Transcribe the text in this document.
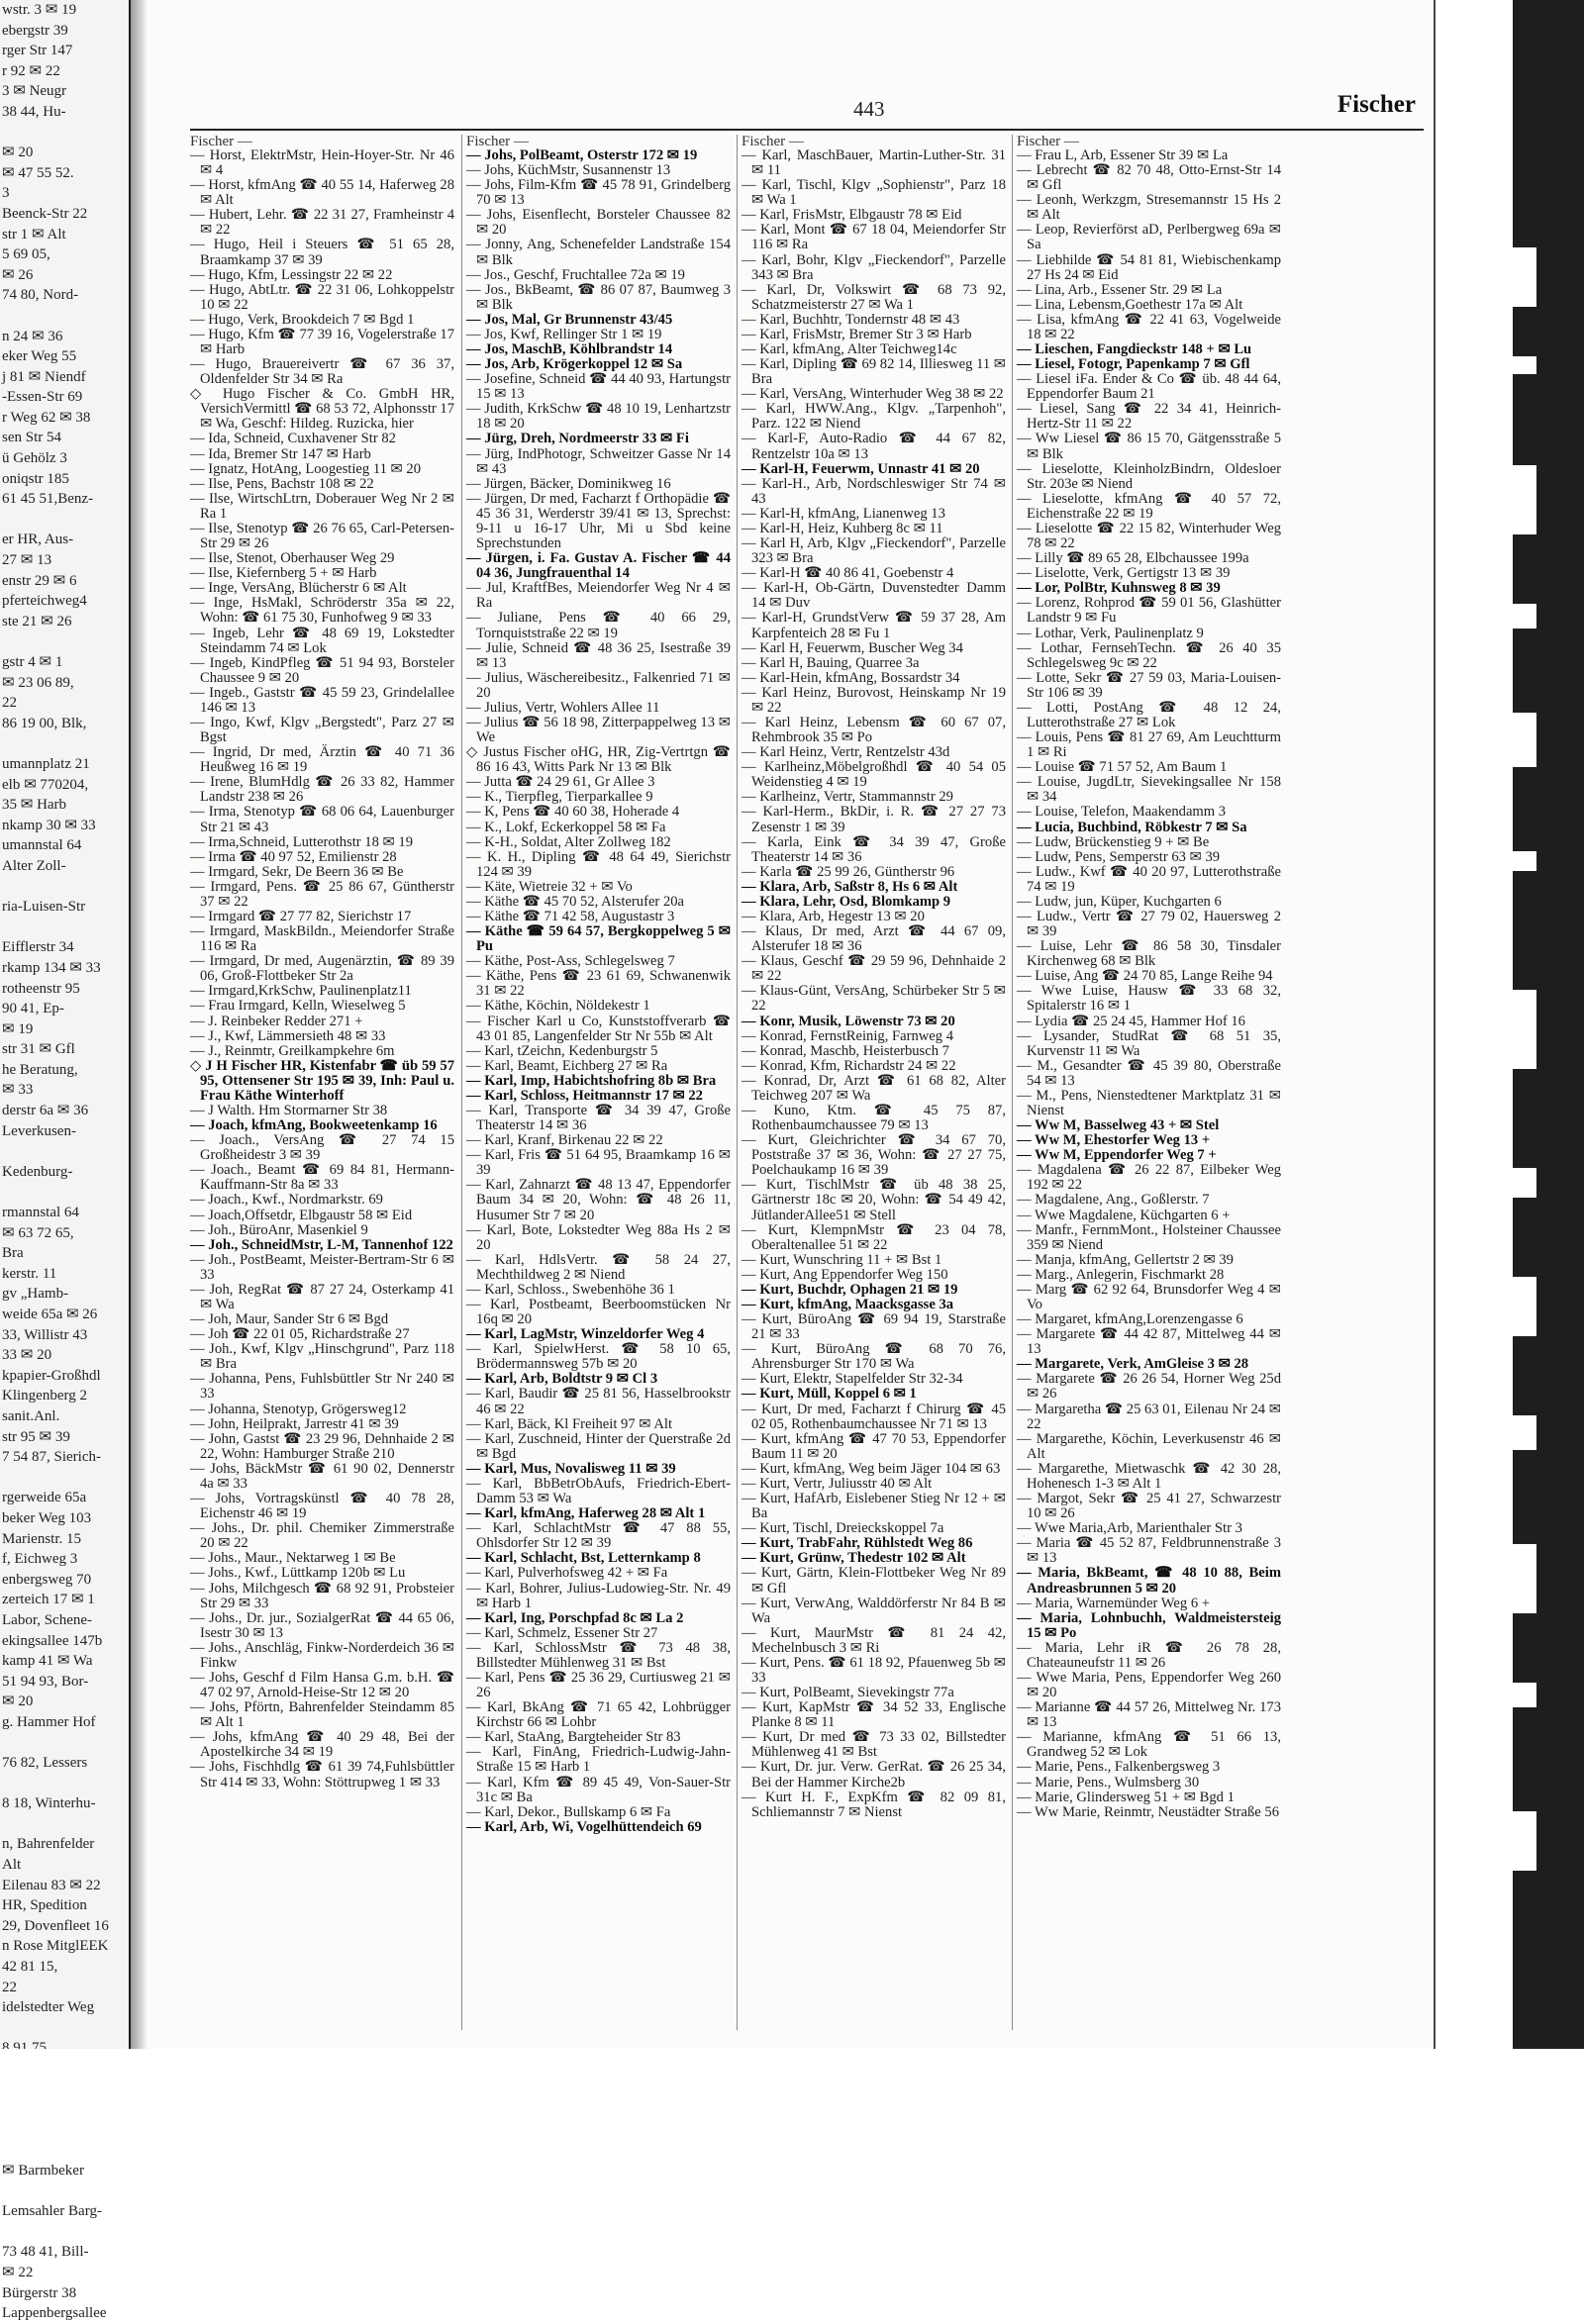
wstr. 3 ✉ 19
ebergstr 39
rger Str 147
r 92 ✉ 22
3 ✉ Neugr
38 44, Hu-

✉ 20
✉ 47 55 52.
3
Beenck-Str 22
str 1 ✉ Alt
5 69 05,
✉ 26
74 80, Nord-

n 24 ✉ 36
eker Weg 55
j 81 ✉ Niendf
-Essen-Str 69
r Weg 62 ✉ 38
sen Str 54
ü Gehölz 3
oniqstr 185
61 45 51,Benz-

er HR, Aus-
27 ✉ 13
enstr 29 ✉ 6
pferteichweg4
ste 21 ✉ 26

gstr 4 ✉ 1
✉ 23 06 89,
22
86 19 00, Blk,

umannplatz 21
elb ✉ 770204,
35 ✉ Harb
nkamp 30 ✉ 33
umannstal 64
Alter Zoll-

ria-Luisen-Str

Eifflerstr 34
rkamp 134 ✉ 33
rotheenstr 95
90 41, Ep-
✉ 19
str 31 ✉ Gfl
he Beratung,
✉ 33
derstr 6a ✉ 36
Leverkusen-

Kedenburg-

rmannstal 64
✉ 63 72 65,
Bra
kerstr. 11
gv „Hamb-
weide 65a ✉ 26
33, Willistr 43
33 ✉ 20
kpapier-Großhdl
Klingenberg 2
sanit.Anl.
str 95 ✉ 39
7 54 87, Sierich-

rgerweide 65a
beker Weg 103
Marienstr. 15
f, Eichweg 3
enbergsweg 70
zerteich 17 ✉ 1
Labor, Schene-
ekingsallee 147b
kamp 41 ✉ Wa
51 94 93, Bor-
✉ 20
g. Hammer Hof

76 82, Lessers

8 18, Winterhu-

n, Bahrenfelder
Alt
Eilenau 83 ✉ 22
HR, Spedition
29, Dovenfleet 16
n Rose MitglEEK
42 81 15,
22
idelstedter Weg

✉ Barmbeker

Lemsahler Barg-

73 48 41, Bill-
✉ 22
Bürgerstr 38
Lappenbergsallee
443	Fischer
Fischer —
— Horst, ElektrMstr, Hein-Hoyer-Str. Nr 46 ✉ 4
— Horst, kfmAng ☎ 40 55 14, Haferweg 28 ✉ Alt
— Hubert, Lehr. ☎ 22 31 27, Framheinstr 4 ✉ 22
— Hugo, Heil i Steuers ☎ 51 65 28, Braamkamp 37 ✉ 39
— Hugo, Kfm, Lessingstr 22 ✉ 22
— Hugo, AbtLtr. ☎ 22 31 06, Lohkoppelstr 10 ✉ 22
— Hugo, Verk, Brookdeich 7 ✉ Bgd 1
— Hugo, Kfm ☎ 77 39 16, Vogelerstraße 17 ✉ Harb
— Hugo, Brauereivertr ☎ 67 36 37, Oldenfelder Str 34 ✉ Ra
◇ Hugo Fischer & Co. GmbH HR, VersichVermittl ☎ 68 53 72, Alphonsstr 17 ✉ Wa, Geschf: Hildeg. Ruzicka, hier
— Ida, Schneid, Cuxhavener Str 82
— Ida, Bremer Str 147 ✉ Harb
— Ignatz, HotAng, Loogestieg 11 ✉ 20
— Ilse, Pens, Bachstr 108 ✉ 22
— Ilse, WirtschLtrn, Doberauer Weg Nr 2 ✉ Ra 1
— Ilse, Stenotyp ☎ 26 76 65, Carl-Petersen-Str 29 ✉ 26
— Ilse, Stenot, Oberhauser Weg 29
— Ilse, Kiefernberg 5 + ✉ Harb
— Inge, VersAng, Blücherstr 6 ✉ Alt
— Inge, HsMakl, Schröderstr 35a ✉ 22, Wohn: ☎ 61 75 30, Funhofweg 9 ✉ 33
— Ingeb, Lehr ☎ 48 69 19, Lokstedter Steindamm 74 ✉ Lok
— Ingeb, KindPfleg ☎ 51 94 93, Borsteler Chaussee 9 ✉ 20
— Ingeb., Gaststr ☎ 45 59 23, Grindelallee 146 ✉ 13
— Ingo, Kwf, Klgv „Bergstedt", Parz 27 ✉ Bgst
— Ingrid, Dr med, Ärztin ☎ 40 71 36 Heußweg 16 ✉ 19
— Irene, BlumHdlg ☎ 26 33 82, Hammer Landstr 238 ✉ 26
— Irma, Stenotyp ☎ 68 06 64, Lauenburger Str 21 ✉ 43
— Irma,Schneid, Lutterothstr 18 ✉ 19
— Irma ☎ 40 97 52, Emilienstr 28
— Irmgard, Sekr, De Beern 36 ✉ Be
— Irmgard, Pens. ☎ 25 86 67, Güntherstr 37 ✉ 22
— Irmgard ☎ 27 77 82, Sierichstr 17
— Irmgard, MaskBildn., Meiendorfer Straße 116 ✉ Ra
— Irmgard, Dr med, Augenärztin, ☎ 89 39 06, Groß-Flottbeker Str 2a
— Irmgard,KrkSchw, Paulinenplatz11
— Frau Irmgard, Kelln, Wieselweg 5
— J. Reinbeker Redder 271 +
— J., Kwf, Lämmersieth 48 ✉ 33
— J., Reinmtr, Greilkampkehre 6m
◇ J H Fischer HR, Kistenfabr ☎ üb 59 57 95, Ottensener Str 195 ✉ 39, Inh: Paul u. Frau Käthe Winterhoff
— J Walth. Hm Stormarner Str 38
— Joach, kfmAng, Bookweetenkamp 16
— Joach., VersAng ☎ 27 74 15 Großheidestr 3 ✉ 39
— Joach., Beamt ☎ 69 84 81, Hermann-Kauffmann-Str 8a ✉ 33
— Joach., Kwf., Nordmarkstr. 69
— Joach,Offsetdr, Elbgaustr 58 ✉ Eid
— Joh., BüroAnr, Masenkiel 9
— Joh., SchneidMstr, L-M, Tannenhof 122
— Joh., PostBeamt, Meister-Bertram-Str 6 ✉ 33
— Joh, RegRat ☎ 87 27 24, Osterkamp 41 ✉ Wa
— Joh, Maur, Sander Str 6 ✉ Bgd
— Joh ☎ 22 01 05, Richardstraße 27
— Joh., Kwf, Klgv „Hinschgrund", Parz 118 ✉ Bra
— Johanna, Pens, Fuhlsbüttler Str Nr 240 ✉ 33
— Johanna, Stenotyp, Grögersweg12
— John, Heilprakt, Jarrestr 41 ✉ 39
— John, Gastst ☎ 23 29 96, Dehnhaide 2 ✉ 22, Wohn: Hamburger Straße 210
— Johs, BäckMstr ☎ 61 90 02, Dennerstr 4a ✉ 33
— Johs, Vortragskünstl ☎ 40 78 28, Eichenstr 46 ✉ 19
— Johs., Dr. phil. Chemiker Zimmerstraße 20 ✉ 22
— Johs., Maur., Nektarweg 1 ✉ Be
— Johs., Kwf., Lüttkamp 120b ✉ Lu
— Johs, Milchgesch ☎ 68 92 91, Probsteier Str 29 ✉ 33
— Johs., Dr. jur., SozialgerRat ☎ 44 65 06, Isestr 30 ✉ 13
— Johs., Anschläg, Finkw-Norderdeich 36 ✉ Finkw
— Johs, Geschf d Film Hansa G.m. b.H. ☎ 47 02 97, Arnold-Heise-Str 12 ✉ 20
— Johs, Pförtn, Bahrenfelder Steindamm 85 ✉ Alt 1
— Johs, kfmAng ☎ 40 29 48, Bei der Apostelkirche 34 ✉ 19
— Johs, Fischhdlg ☎ 61 39 74,Fuhlsbüttler Str 414 ✉ 33, Wohn: Stöttrupweg 1 ✉ 33
Fischer —
— Johs, PolBeamt, Osterstr 172 ✉ 19
— Johs, KüchMstr, Susannenstr 13
— Johs, Film-Kfm ☎ 45 78 91, Grindelberg 70 ✉ 13
— Johs, Eisenflecht, Borsteler Chaussee 82 ✉ 20
— Jonny, Ang, Schenefelder Landstraße 154 ✉ Blk
— Jos., Geschf, Fruchtallee 72a ✉ 19
— Jos., BkBeamt, ☎ 86 07 87, Baumweg 3 ✉ Blk
— Jos, Mal, Gr Brunnenstr 43/45
— Jos, Kwf, Rellinger Str 1 ✉ 19
— Jos, MaschB, Köhlbrandstr 14
— Jos, Arb, Krögerkoppel 12 ✉ Sa
— Josefine, Schneid ☎ 44 40 93, Hartungstr 15 ✉ 13
— Judith, KrkSchw ☎ 48 10 19, Lenhartzstr 18 ✉ 20
— Jürg, Dreh, Nordmeerstr 33 ✉ Fi
— Jürg, IndPhotogr, Schweitzer Gasse Nr 14 ✉ 43
— Jürgen, Bäcker, Dominikweg 16
— Jürgen, Dr med, Facharzt f Orthopädie ☎ 45 36 31, Werderstr 39/41 ✉ 13, Sprechst: 9-11 u 16-17 Uhr, Mi u Sbd keine Sprechstunden
— Jürgen, i. Fa. Gustav A. Fischer ☎ 44 04 36, Jungfrauenthal 14
— Jul, KraftfBes, Meiendorfer Weg Nr 4 ✉ Ra
— Juliane, Pens ☎ 40 66 29, Tornquiststraße 22 ✉ 19
— Julie, Schneid ☎ 48 36 25, Isestraße 39 ✉ 13
— Julius, Wäschereibesitz., Falkenried 71 ✉ 20
— Julius, Vertr, Wohlers Allee 11
— Julius ☎ 56 18 98, Zitterpappelweg 13 ✉ We
◇ Justus Fischer oHG, HR, Zig-Vertrtgn ☎ 86 16 43, Witts Park Nr 13 ✉ Blk
— Jutta ☎ 24 29 61, Gr Allee 3
— K., Tierpfleg, Tierparkallee 9
— K, Pens ☎ 40 60 38, Hoherade 4
— K., Lokf, Eckerkoppel 58 ✉ Fa
— K-H., Soldat, Alter Zollweg 182
— K. H., Dipling ☎ 48 64 49, Sierichstr 124 ✉ 39
— Käte, Wietreie 32 + ✉ Vo
— Käthe ☎ 45 70 52, Alsterufer 20a
— Käthe ☎ 71 42 58, Augustastr 3
— Käthe ☎ 59 64 57, Bergkoppelweg 5 ✉ Pu
— Käthe, Post-Ass, Schlegelsweg 7
— Käthe, Pens ☎ 23 61 69, Schwanenwik 31 ✉ 22
— Käthe, Köchin, Nöldekestr 1
— Fischer Karl u Co, Kunststoffverarb ☎ 43 01 85, Langenfelder Str Nr 55b ✉ Alt
— Karl, tZeichn, Kedenburgstr 5
— Karl, Beamt, Eichberg 27 ✉ Ra
— Karl, Imp, Habichtshofring 8b ✉ Bra
— Karl, Schloss, Heitmannstr 17 ✉ 22
— Karl, Transporte ☎ 34 39 47, Große Theaterstr 14 ✉ 36
— Karl, Kranf, Birkenau 22 ✉ 22
— Karl, Fris ☎ 51 64 95, Braamkamp 16 ✉ 39
— Karl, Zahnarzt ☎ 48 13 47, Eppendorfer Baum 34 ✉ 20, Wohn: ☎ 48 26 11, Husumer Str 7 ✉ 20
— Karl, Bote, Lokstedter Weg 88a Hs 2 ✉ 20
— Karl, HdlsVertr. ☎ 58 24 27, Mechthildweg 2 ✉ Niend
— Karl, Schloss., Swebenhöhe 36 1
— Karl, Postbeamt, Beerboomstücken Nr 16q ✉ 20
— Karl, LagMstr, Winzeldorfer Weg 4
— Karl, SpielwHerst. ☎ 58 10 65, Brödermannsweg 57b ✉ 20
— Karl, Arb, Boldtstr 9 ✉ Cl 3
— Karl, Baudir ☎ 25 81 56, Hasselbrookstr 46 ✉ 22
— Karl, Bäck, Kl Freiheit 97 ✉ Alt
— Karl, Zuschneid, Hinter der Querstraße 2d ✉ Bgd
— Karl, Mus, Novalisweg 11 ✉ 39
— Karl, BbBetrObAufs, Friedrich-Ebert-Damm 53 ✉ Wa
— Karl, kfmAng, Haferweg 28 ✉ Alt 1
— Karl, SchlachtMstr ☎ 47 88 55, Ohlsdorfer Str 12 ✉ 39
— Karl, Schlacht, Bst, Letternkamp 8
— Karl, Pulverhofsweg 42 + ✉ Fa
— Karl, Bohrer, Julius-Ludowieg-Str. Nr. 49 ✉ Harb 1
— Karl, Ing, Porschpfad 8c ✉ La 2
— Karl, Schmelz, Essener Str 27
— Karl, SchlossMstr ☎ 73 48 38, Billstedter Mühlenweg 31 ✉ Bst
— Karl, Pens ☎ 25 36 29, Curtiusweg 21 ✉ 26
— Karl, BkAng ☎ 71 65 42, Lohbrügger Kirchstr 66 ✉ Lohbr
— Karl, StaAng, Bargteheider Str 83
— Karl, FinAng, Friedrich-Ludwig-Jahn-Straße 15 ✉ Harb 1
— Karl, Kfm ☎ 89 45 49, Von-Sauer-Str 31c ✉ Ba
— Karl, Dekor., Bullskamp 6 ✉ Fa
— Karl, Arb, Wi, Vogelhüttendeich 69
Fischer —
— Karl, MaschBauer, Martin-Luther-Str. 31 ✉ 11
— Karl, Tischl, Klgv „Sophienstr", Parz 18 ✉ Wa 1
— Karl, FrisMstr, Elbgaustr 78 ✉ Eid
— Karl, Mont ☎ 67 18 04, Meiendorfer Str 116 ✉ Ra
— Karl, Bohr, Klgv „Fieckendorf", Parzelle 343 ✉ Bra
— Karl, Dr, Volkswirt ☎ 68 73 92, Schatzmeisterstr 27 ✉ Wa 1
— Karl, Buchhtr, Tondernstr 48 ✉ 43
— Karl, FrisMstr, Bremer Str 3 ✉ Harb
— Karl, kfmAng, Alter Teichweg14c
— Karl, Dipling ☎ 69 82 14, Illiesweg 11 ✉ Bra
— Karl, VersAng, Winterhuder Weg 38 ✉ 22
— Karl, HWW.Ang., Klgv. „Tarpenhoh", Parz. 122 ✉ Niend
— Karl-F, Auto-Radio ☎ 44 67 82, Rentzelstr 10a ✉ 13
— Karl-H, Feuerwm, Unnastr 41 ✉ 20
— Karl-H., Arb, Nordschleswiger Str 74 ✉ 43
— Karl-H, kfmAng, Lianenweg 13
— Karl-H, Heiz, Kuhberg 8c ✉ 11
— Karl H, Arb, Klgv „Fieckendorf", Parzelle 323 ✉ Bra
— Karl-H ☎ 40 86 41, Goebenstr 4
— Karl-H, Ob-Gärtn, Duvenstedter Damm 14 ✉ Duv
— Karl-H, GrundstVerw ☎ 59 37 28, Am Karpfenteich 28 ✉ Fu 1
— Karl H, Feuerwm, Buscher Weg 34
— Karl H, Bauing, Quarree 3a
— Karl-Hein, kfmAng, Bossardstr 34
— Karl Heinz, Burovost, Heinskamp Nr 19 ✉ 22
— Karl Heinz, Lebensm ☎ 60 67 07, Rehmbrook 35 ✉ Po
— Karl Heinz, Vertr, Rentzelstr 43d
— Karlheinz,Möbelgroßhdl ☎ 40 54 05 Weidenstieg 4 ✉ 19
— Karlheinz, Vertr, Stammannstr 29
— Karl-Herm., BkDir, i. R. ☎ 27 27 73 Zesenstr 1 ✉ 39
— Karla, Eink ☎ 34 39 47, Große Theaterstr 14 ✉ 36
— Karla ☎ 25 99 26, Güntherstr 96
— Klara, Arb, Saßstr 8, Hs 6 ✉ Alt
— Klara, Lehr, Osd, Blomkamp 9
— Klara, Arb, Hegestr 13 ✉ 20
— Klaus, Dr med, Arzt ☎ 44 67 09, Alsterufer 18 ✉ 36
— Klaus, Geschf ☎ 29 59 96, Dehnhaide 2 ✉ 22
— Klaus-Günt, VersAng, Schürbeker Str 5 ✉ 22
— Konr, Musik, Löwenstr 73 ✉ 20
— Konrad, FernstReinig, Farnweg 4
— Konrad, Maschb, Heisterbusch 7
— Konrad, Kfm, Richardstr 24 ✉ 22
— Konrad, Dr, Arzt ☎ 61 68 82, Alter Teichweg 207 ✉ Wa
— Kuno, Ktm. ☎ 45 75 87, Rothenbaumchaussee 79 ✉ 13
— Kurt, Gleichrichter ☎ 34 67 70, Poststraße 37 ✉ 36, Wohn: ☎ 27 27 75, Poelchaukamp 16 ✉ 39
— Kurt, TischlMstr ☎ üb 48 38 25, Gärtnerstr 18c ✉ 20, Wohn: ☎ 54 49 42, JütlanderAllee51 ✉ Stell
— Kurt, KlempnMstr ☎ 23 04 78, Oberaltenallee 51 ✉ 22
— Kurt, Wunschring 11 + ✉ Bst 1
— Kurt, Ang Eppendorfer Weg 150
— Kurt, Buchdr, Ophagen 21 ✉ 19
— Kurt, kfmAng, Maacksgasse 3a
— Kurt, BüroAng ☎ 69 94 19, Starstraße 21 ✉ 33
— Kurt, BüroAng ☎ 68 70 76, Ahrensburger Str 170 ✉ Wa
— Kurt, Elektr, Stapelfelder Str 32-34
— Kurt, Müll, Koppel 6 ✉ 1
— Kurt, Dr med, Facharzt f Chirurg ☎ 45 02 05, Rothenbaumchaussee Nr 71 ✉ 13
— Kurt, kfmAng ☎ 47 70 53, Eppendorfer Baum 11 ✉ 20
— Kurt, kfmAng, Weg beim Jäger 104 ✉ 63
— Kurt, Vertr, Juliusstr 40 ✉ Alt
— Kurt, HafArb, Eislebener Stieg Nr 12 + ✉ Ba
— Kurt, Tischl, Dreieckskoppel 7a
— Kurt, TrabFahr, Rühlstedt Weg 86
— Kurt, Grünw, Thedestr 102 ✉ Alt
— Kurt, Gärtn, Klein-Flottbeker Weg Nr 89 ✉ Gfl
— Kurt, VerwAng, Walddörferstr Nr 84 B ✉ Wa
— Kurt, MaurMstr ☎ 81 24 42, Mechelnbusch 3 ✉ Ri
— Kurt, Pens. ☎ 61 18 92, Pfauenweg 5b ✉ 33
— Kurt, PolBeamt, Sievekingstr 77a
— Kurt, KapMstr ☎ 34 52 33, Englische Planke 8 ✉ 11
— Kurt, Dr med ☎ 73 33 02, Billstedter Mühlenweg 41 ✉ Bst
— Kurt, Dr. jur. Verw. GerRat. ☎ 26 25 34, Bei der Hammer Kirche2b
— Kurt H. F., ExpKfm ☎ 82 09 81, Schliemannstr 7 ✉ Nienst
Fischer —
— Frau L, Arb, Essener Str 39 ✉ La
— Lebrecht ☎ 82 70 48, Otto-Ernst-Str 14 ✉ Gfl
— Leonh, Werkzgm, Stresemannstr 15 Hs 2 ✉ Alt
— Leop, Revierförst aD, Perlbergweg 69a ✉ Sa
— Liebhilde ☎ 54 81 81, Wiebischenkamp 27 Hs 24 ✉ Eid
— Lina, Arb., Essener Str. 29 ✉ La
— Lina, Lebensm,Goethestr 17a ✉ Alt
— Lisa, kfmAng ☎ 22 41 63, Vogelweide 18 ✉ 22
— Lieschen, Fangdieckstr 148 + ✉ Lu
— Liesel, Fotogr, Papenkamp 7 ✉ Gfl
— Liesel iFa. Ender & Co ☎ üb. 48 44 64, Eppendorfer Baum 21
— Liesel, Sang ☎ 22 34 41, Heinrich-Hertz-Str 11 ✉ 22
— Ww Liesel ☎ 86 15 70, Gätgensstraße 5 ✉ Blk
— Lieselotte, KleinholzBindrn, Oldesloer Str. 203e ✉ Niend
— Lieselotte, kfmAng ☎ 40 57 72, Eichenstraße 22 ✉ 19
— Lieselotte ☎ 22 15 82, Winterhuder Weg 78 ✉ 22
— Lilly ☎ 89 65 28, Elbchaussee 199a
— Liselotte, Verk, Gertigstr 13 ✉ 39
— Lor, PolBtr, Kuhnsweg 8 ✉ 39
— Lorenz, Rohprod ☎ 59 01 56, Glashütter Landstr 9 ✉ Fu
— Lothar, Verk, Paulinenplatz 9
— Lothar, FernsehTechn. ☎ 26 40 35 Schlegelsweg 9c ✉ 22
— Lotte, Sekr ☎ 27 59 03, Maria-Louisen-Str 106 ✉ 39
— Lotti, PostAng ☎ 48 12 24, Lutterothstraße 27 ✉ Lok
— Louis, Pens ☎ 81 27 69, Am Leuchtturm 1 ✉ Ri
— Louise ☎ 71 57 52, Am Baum 1
— Louise, JugdLtr, Sievekingsallee Nr 158 ✉ 34
— Louise, Telefon, Maakendamm 3
— Lucia, Buchbind, Röbkestr 7 ✉ Sa
— Ludw, Brückenstieg 9 + ✉ Be
— Ludw, Pens, Semperstr 63 ✉ 39
— Ludw., Kwf ☎ 40 20 97, Lutterothstraße 74 ✉ 19
— Ludw, jun, Küper, Kuchgarten 6
— Ludw., Vertr ☎ 27 79 02, Hauersweg 2 ✉ 39
— Luise, Lehr ☎ 86 58 30, Tinsdaler Kirchenweg 68 ✉ Blk
— Luise, Ang ☎ 24 70 85, Lange Reihe 94
— Wwe Luise, Hausw ☎ 33 68 32, Spitalerstr 16 ✉ 1
— Lydia ☎ 25 24 45, Hammer Hof 16
— Lysander, StudRat ☎ 68 51 35, Kurvenstr 11 ✉ Wa
— M., Gesandter ☎ 45 39 80, Oberstraße 54 ✉ 13
— M., Pens, Nienstedtener Marktplatz 31 ✉ Nienst
— Ww M, Basselweg 43 + ✉ Stel
— Ww M, Ehestorfer Weg 13 +
— Ww M, Eppendorfer Weg 7 +
— Magdalena ☎ 26 22 87, Eilbeker Weg 192 ✉ 22
— Magdalene, Ang., Goßlerstr. 7
— Wwe Magdalene, Küchgarten 6 +
— Manfr., FernmMont., Holsteiner Chaussee 359 ✉ Niend
— Manja, kfmAng, Gellertstr 2 ✉ 39
— Marg., Anlegerin, Fischmarkt 28
— Marg ☎ 62 92 64, Brunsdorfer Weg 4 ✉ Vo
— Margaret, kfmAng,Lorenzengasse 6
— Margarete ☎ 44 42 87, Mittelweg 44 ✉ 13
— Margarete, Verk, AmGleise 3 ✉ 28
— Margarete ☎ 26 26 54, Horner Weg 25d ✉ 26
— Margaretha ☎ 25 63 01, Eilenau Nr 24 ✉ 22
— Margarethe, Köchin, Leverkusenstr 46 ✉ Alt
— Margarethe, Mietwaschk ☎ 42 30 28, Hohenesch 1-3 ✉ Alt 1
— Margot, Sekr ☎ 25 41 27, Schwarzestr 10 ✉ 26
— Wwe Maria,Arb, Marienthaler Str 3
— Maria ☎ 45 52 87, Feldbrunnenstraße 3 ✉ 13
— Maria, BkBeamt, ☎ 48 10 88, Beim Andreasbrunnen 5 ✉ 20
— Maria, Warnemünder Weg 6 +
— Maria, Lohnbuchh, Waldmeistersteig 15 ✉ Po
— Maria, Lehr iR ☎ 26 78 28, Chateauneufstr 11 ✉ 26
— Wwe Maria, Pens, Eppendorfer Weg 260 ✉ 20
— Marianne ☎ 44 57 26, Mittelweg Nr. 173 ✉ 13
— Marianne, kfmAng ☎ 51 66 13, Grandweg 52 ✉ Lok
— Marie, Pens., Falkenbergsweg 3
— Marie, Pens., Wulmsberg 30
— Marie, Glindersweg 51 + ✉ Bgd 1
— Ww Marie, Reinmtr, Neustädter Straße 56
